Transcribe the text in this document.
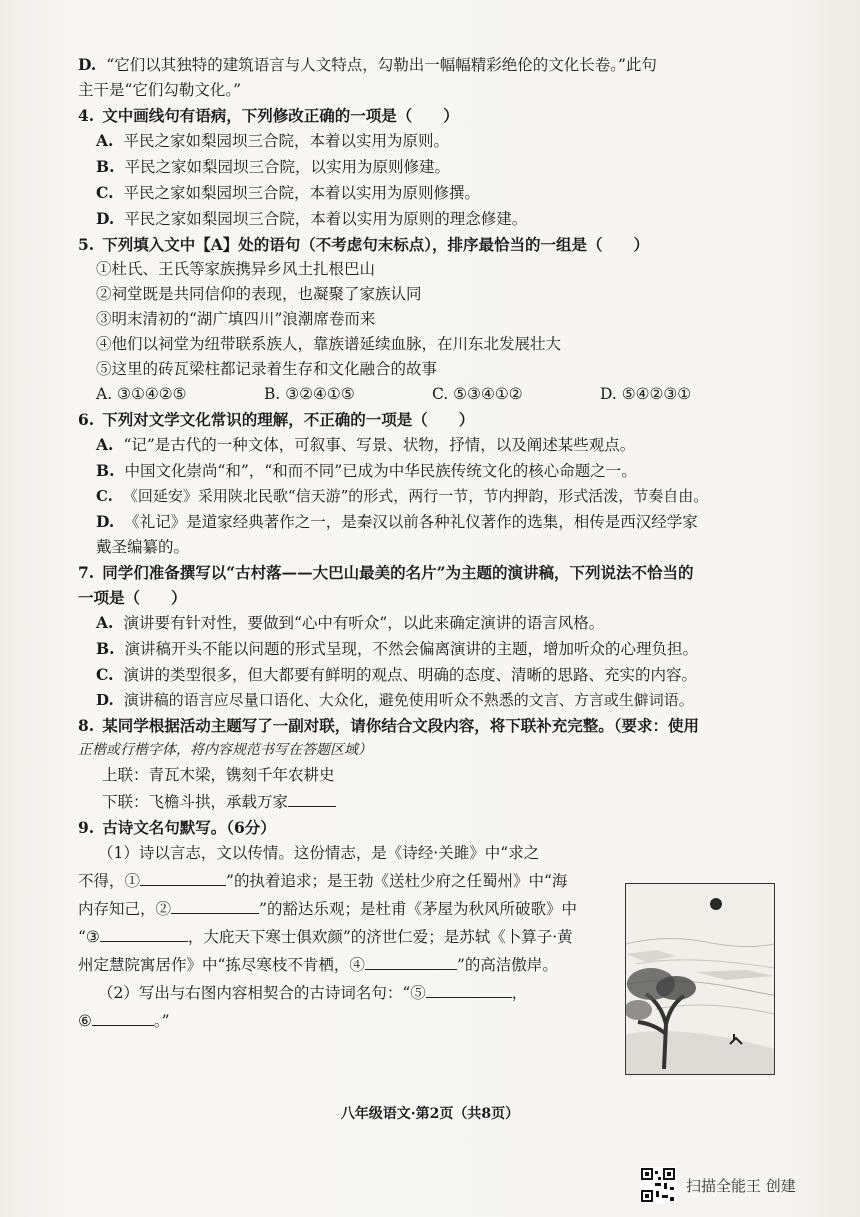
D. “它们以其独特的建筑语言与人文特点，勾勒出一幅幅精彩绝伦的文化长卷。”此句
主干是“它们勾勒文化。”
4. 文中画线句有语病，下列修改正确的一项是（　　）
A. 平民之家如梨园坝三合院，本着以实用为原则。
B. 平民之家如梨园坝三合院，以实用为原则修建。
C. 平民之家如梨园坝三合院，本着以实用为原则修撰。
D. 平民之家如梨园坝三合院，本着以实用为原则的理念修建。
5. 下列填入文中【A】处的语句（不考虑句末标点），排序最恰当的一组是（　　）
①杜氏、王氏等家族携异乡风土扎根巴山
②祠堂既是共同信仰的表现，也凝聚了家族认同
③明末清初的“湖广填四川”浪潮席卷而来
④他们以祠堂为纽带联系族人，靠族谱延续血脉，在川东北发展壮大
⑤这里的砖瓦梁柱都记录着生存和文化融合的故事
A. ③①④②⑤	B. ③②④①⑤	C. ⑤③④①②	D. ⑤④②③①
6. 下列对文学文化常识的理解，不正确的一项是（　　）
A. “记”是古代的一种文体，可叙事、写景、状物，抒情，以及阐述某些观点。
B. 中国文化崇尚“和”，“和而不同”已成为中华民族传统文化的核心命题之一。
C. 《回延安》采用陕北民歌“信天游”的形式，两行一节，节内押韵，形式活泼，节奏自由。
D. 《礼记》是道家经典著作之一，是秦汉以前各种礼仪著作的选集，相传是西汉经学家
戴圣编纂的。
7. 同学们准备撰写以“古村落——大巴山最美的名片”为主题的演讲稿，下列说法不恰当的
一项是（　　）
A. 演讲要有针对性，要做到“心中有听众”，以此来确定演讲的语言风格。
B. 演讲稿开头不能以问题的形式呈现，不然会偏离演讲的主题，增加听众的心理负担。
C. 演讲的类型很多，但大都要有鲜明的观点、明确的态度、清晰的思路、充实的内容。
D. 演讲稿的语言应尽量口语化、大众化，避免使用听众不熟悉的文言、方言或生僻词语。
8. 某同学根据活动主题写了一副对联，请你结合文段内容，将下联补充完整。（要求：使用
正楷或行楷字体，将内容规范书写在答题区域）
上联：青瓦木梁，镌刻千年农耕史
下联：飞檐斗拱，承载万家
9. 古诗文名句默写。（6分）
（1）诗以言志，文以传情。这份情志，是《诗经·关雎》中“求之
不得，①	”的执着追求；是王勃《送杜少府之任蜀州》中“海
内存知己，②	”的豁达乐观；是杜甫《茅屋为秋风所破歌》中
“③	，大庇天下寒士俱欢颜”的济世仁爱；是苏轼《卜算子·黄
州定慧院寓居作》中“拣尽寒枝不肯栖，④	”的高洁傲岸。
（2）写出与右图内容相契合的古诗词名句：“⑤	，
⑥	。”
八年级语文·第2页（共8页）
扫描全能王 创建
